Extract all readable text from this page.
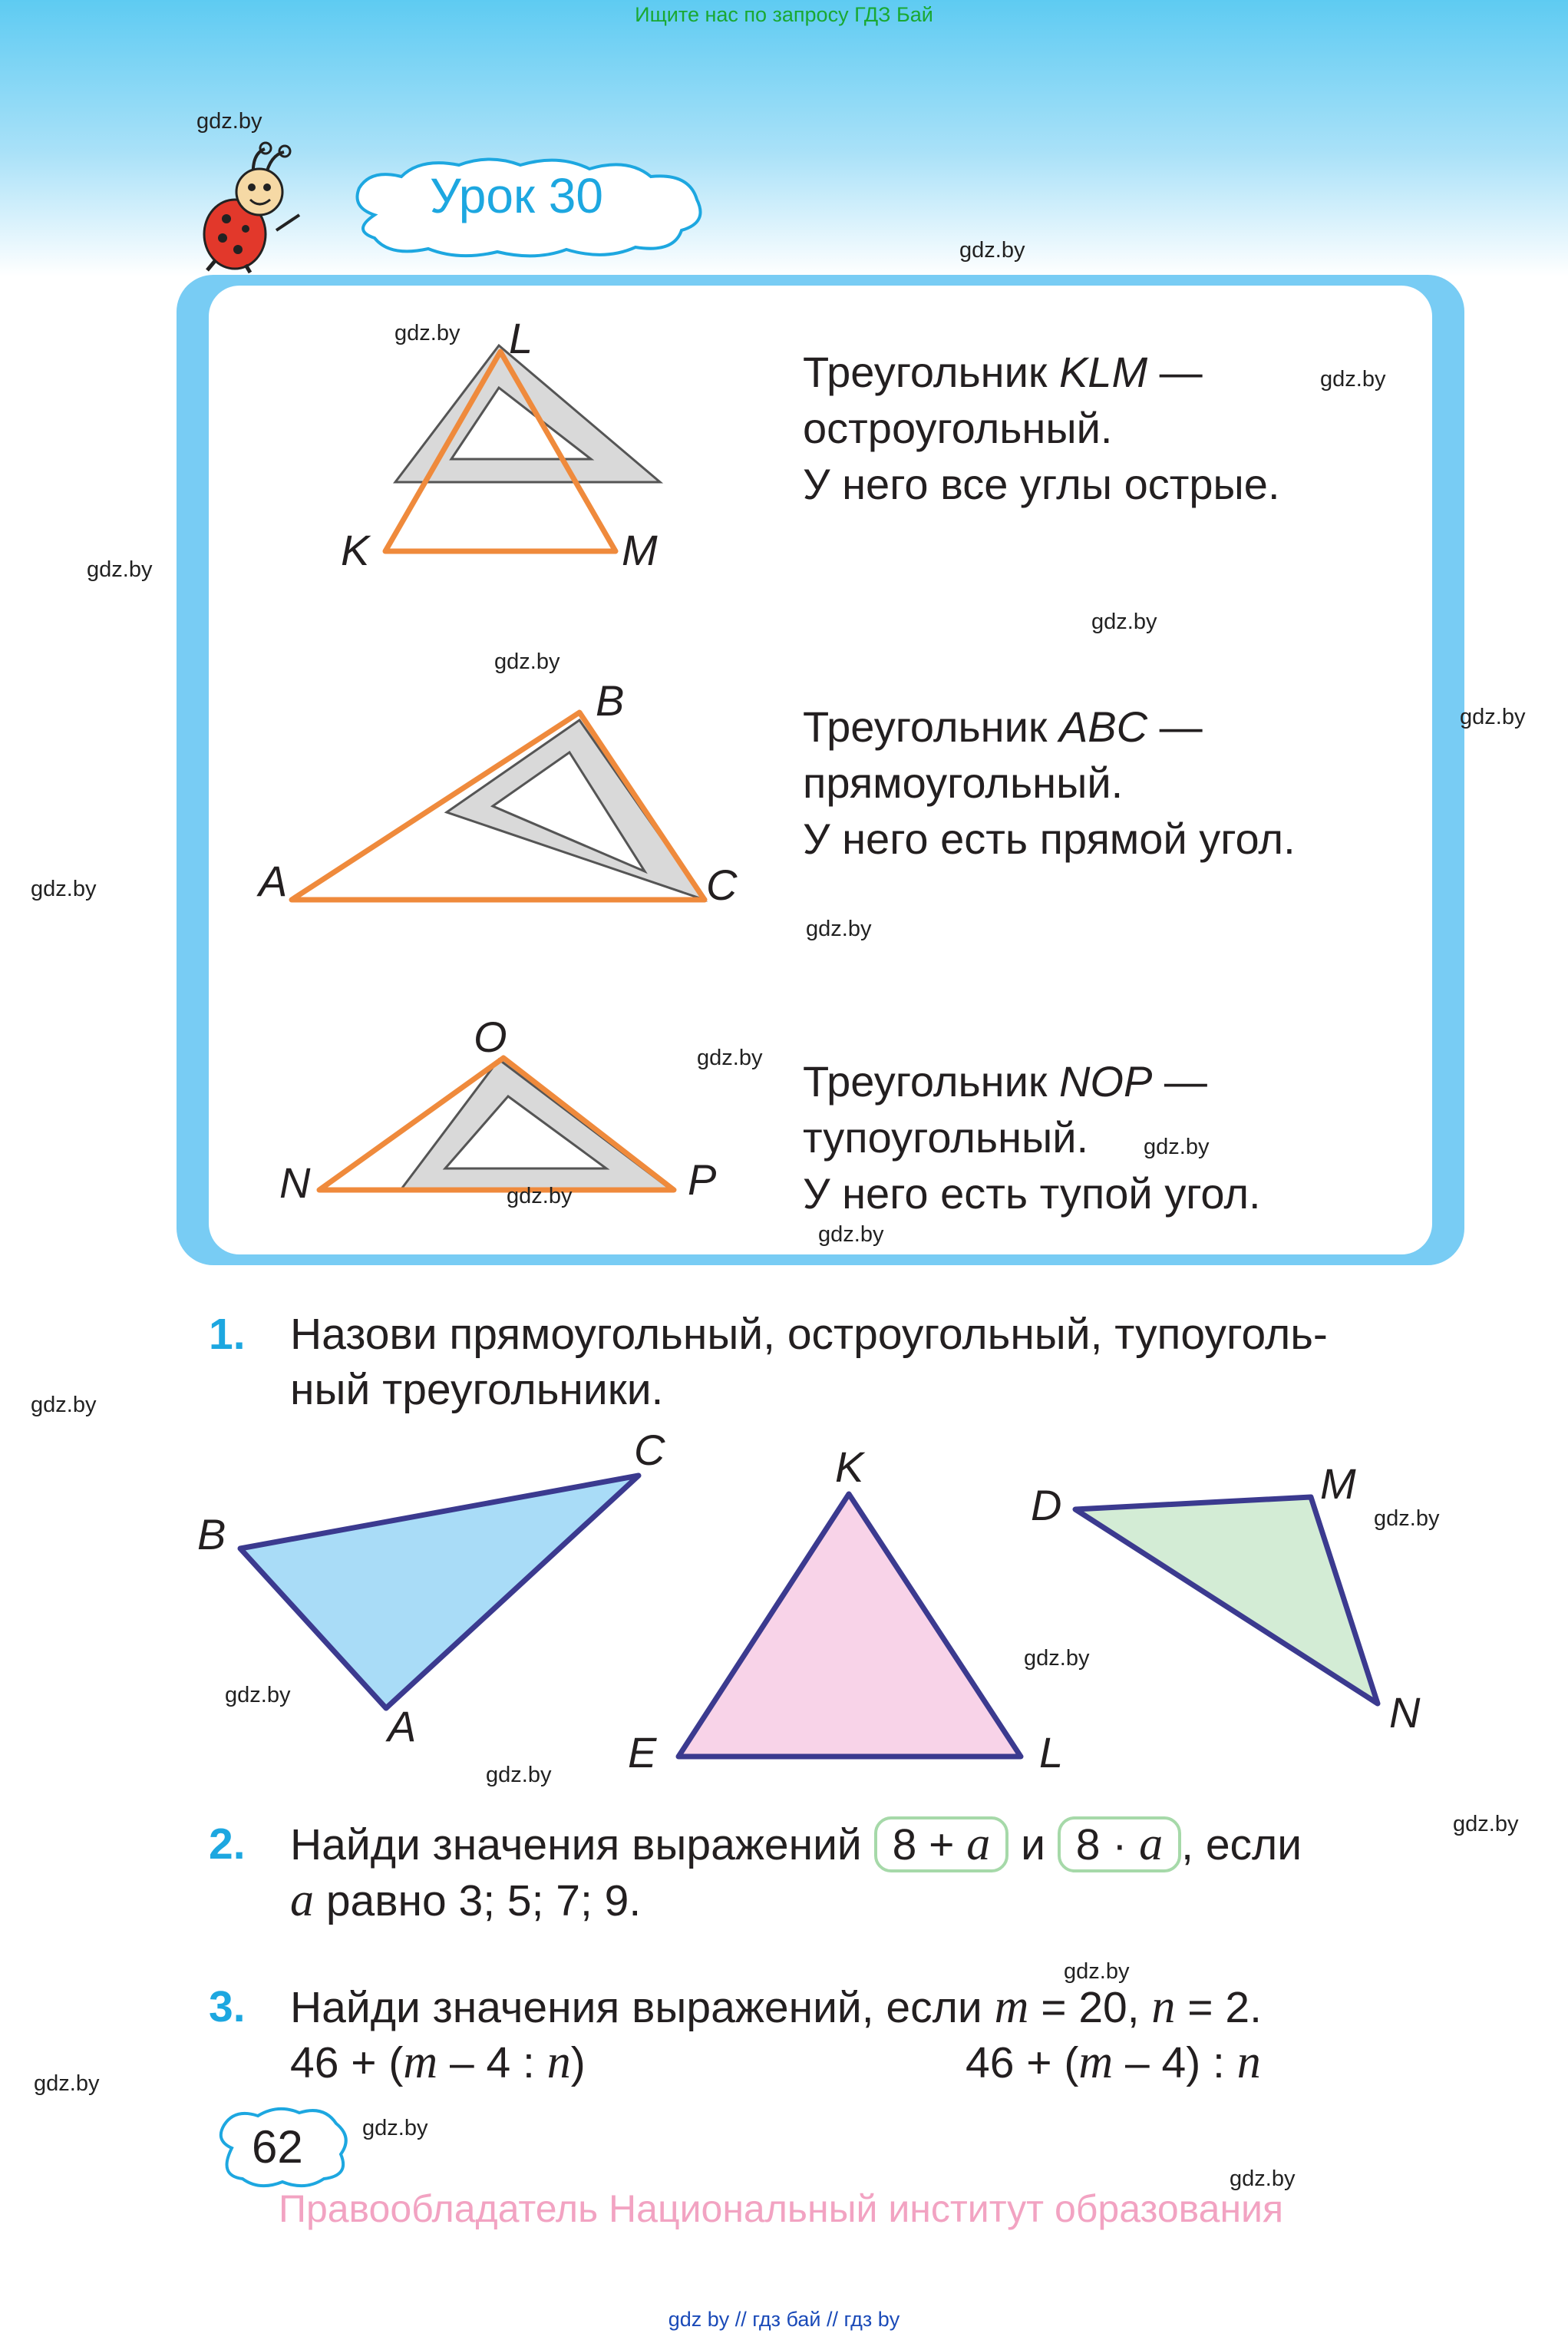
Ищите нас по запросу ГДЗ Бай
Урок 30
L
K	M
Треугольник KLM —
остроугольный.
У него все углы острые.
B
A	C
Треугольник ABC —
прямоугольный.
У него есть прямой угол.
O
N	P
Треугольник NOP —
тупоугольный.
У него есть тупой угол.
1. Назови прямоугольный, остроугольный, тупоуголь-
ный треугольники.
B
C
A
K
E	L
D	M
N
2. Найди значения выражений 8 + a и 8 · a , если
a равно 3; 5; 7; 9.
3. Найди значения выражений, если m = 20, n = 2.
46 + (m – 4 : n)	46 + (m – 4) : n
62
Правообладатель Национальный институт образования
gdz by // гдз бай // гдз by
gdz.by
gdz.by
gdz.by
gdz.by
gdz.by
gdz.by
gdz.by
gdz.by
gdz.by
gdz.by
gdz.by
gdz.by
gdz.by
gdz.by
gdz.by
gdz.by
gdz.by
gdz.by
gdz.by
gdz.by
gdz.by
gdz.by
gdz.by
gdz.by
